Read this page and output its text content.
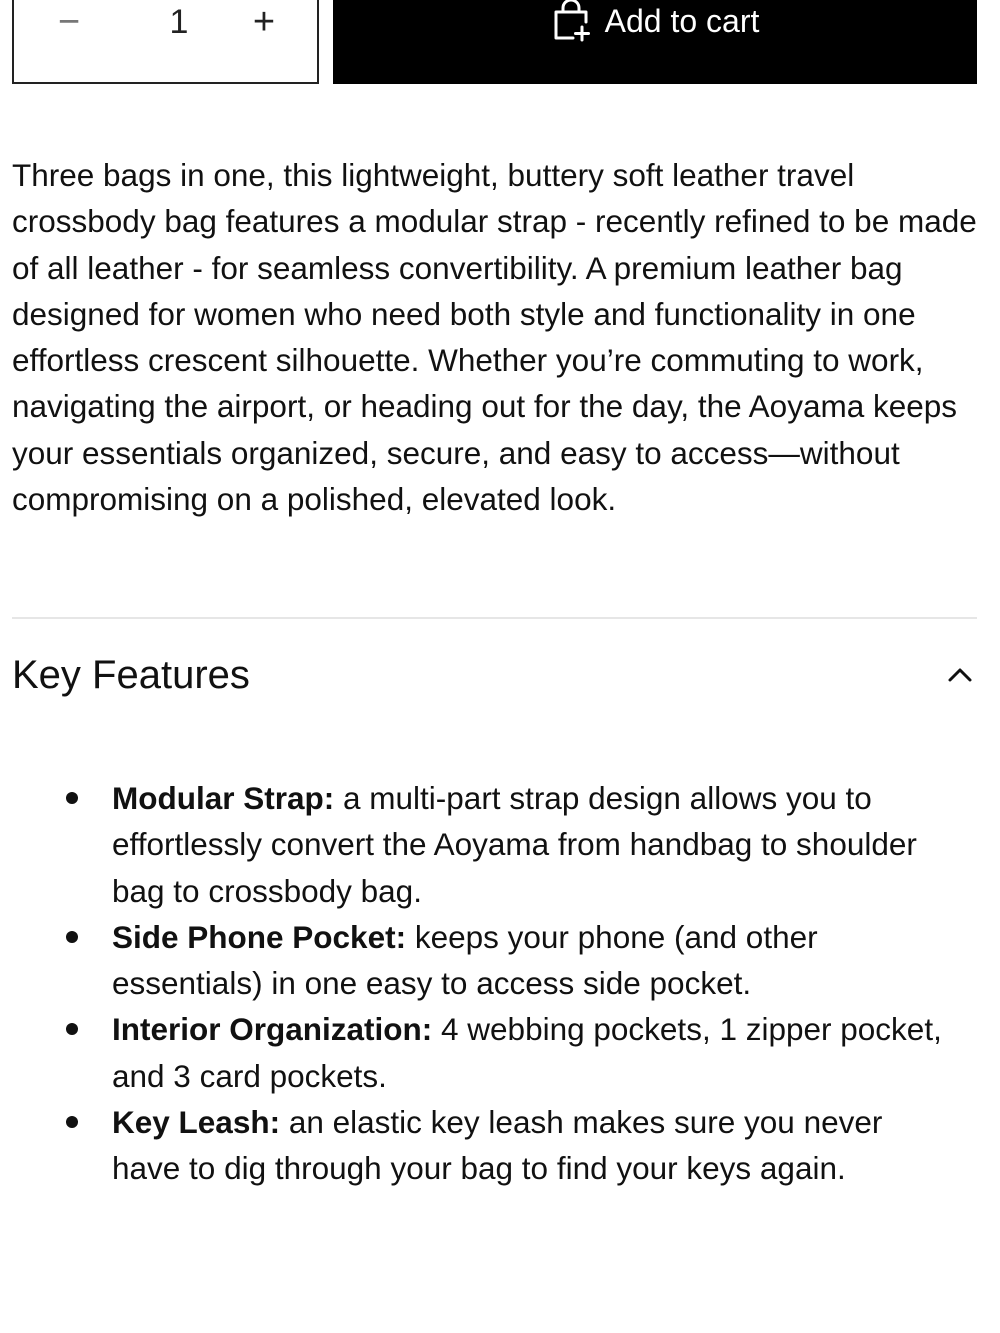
−	1	+	Add to cart

Three bags in one, this lightweight, buttery soft leather travel crossbody bag features a modular strap - recently refined to be made of all leather - for seamless convertibility. A premium leather bag designed for women who need both style and functionality in one effortless crescent silhouette. Whether you’re commuting to work, navigating the airport, or heading out for the day, the Aoyama keeps your essentials organized, secure, and easy to access—without compromising on a polished, elevated look.

Key Features
Modular Strap: a multi-part strap design allows you to effortlessly convert the Aoyama from handbag to shoulder bag to crossbody bag.
Side Phone Pocket: keeps your phone (and other essentials) in one easy to access side pocket.
Interior Organization: 4 webbing pockets, 1 zipper pocket, and 3 card pockets.
Key Leash: an elastic key leash makes sure you never have to dig through your bag to find your keys again.
